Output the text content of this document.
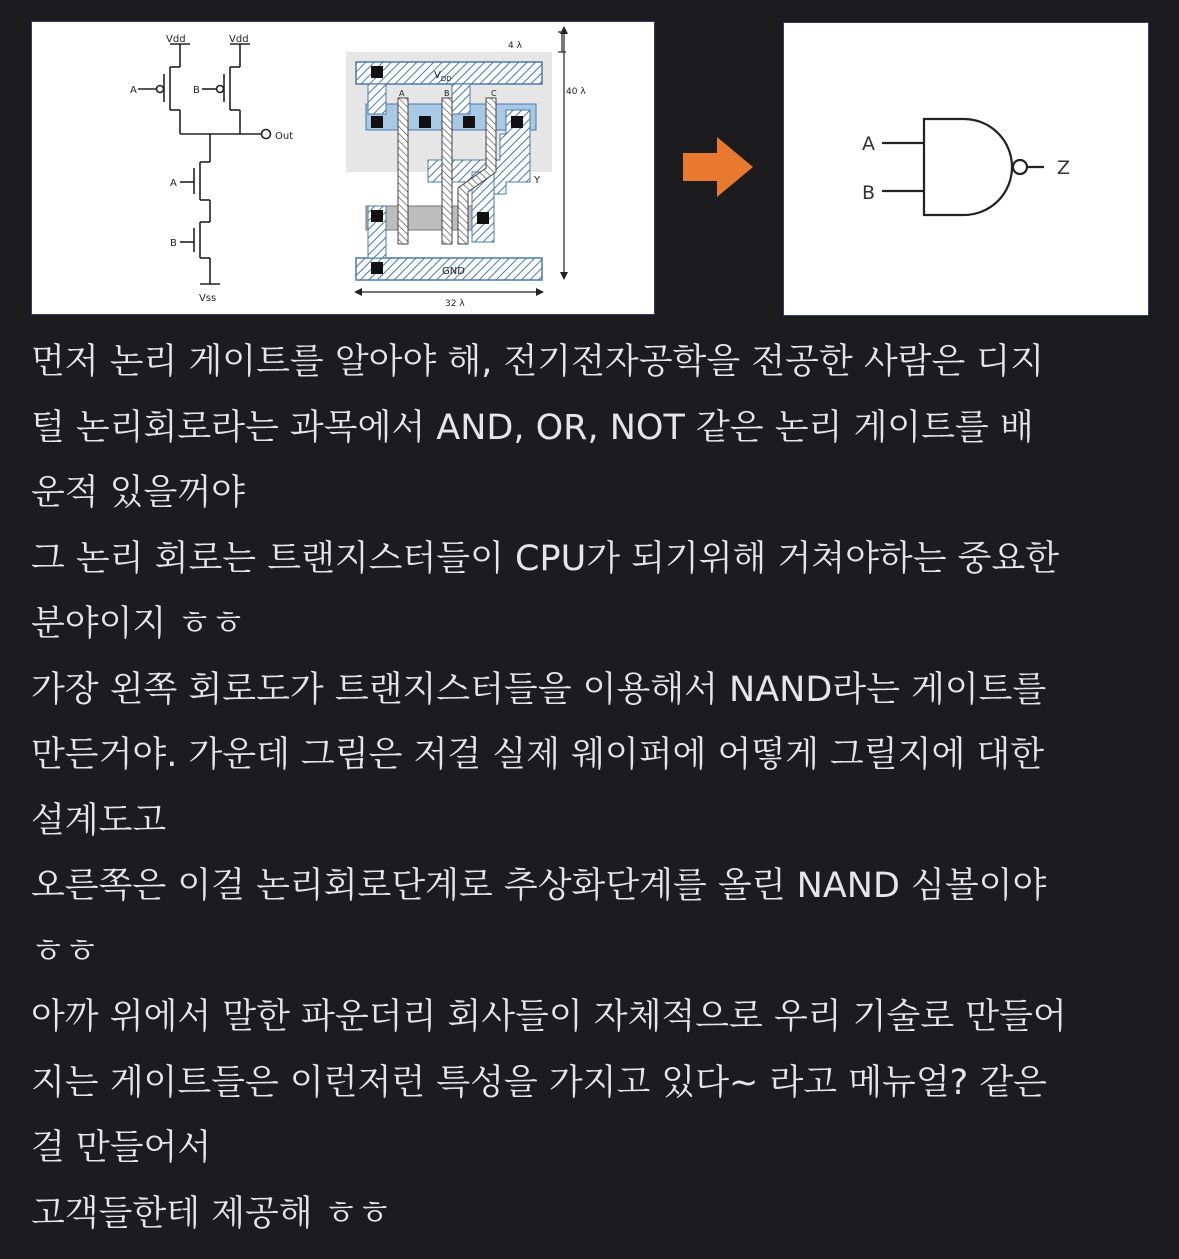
Vdd	Vdd
A	B
Out
A
B
Vss
$V_{DD}$
GND
A	B	C
Y
4 λ
40 λ
32 λ
A
B
Z
먼저 논리 게이트를 알아야 해, 전기전자공학을 전공한 사람은 디지
털 논리회로라는 과목에서 AND, OR, NOT 같은 논리 게이트를 배
운적 있을꺼야
그 논리 회로는 트랜지스터들이 CPU가 되기위해 거쳐야하는 중요한
분야이지 ㅎㅎ
가장 왼쪽 회로도가 트랜지스터들을 이용해서 NAND라는 게이트를
만든거야. 가운데 그림은 저걸 실제 웨이퍼에 어떻게 그릴지에 대한
설계도고
오른쪽은 이걸 논리회로단계로 추상화단계를 올린 NAND 심볼이야
ㅎㅎ
아까 위에서 말한 파운더리 회사들이 자체적으로 우리 기술로 만들어
지는 게이트들은 이런저런 특성을 가지고 있다~ 라고 메뉴얼? 같은
걸 만들어서
고객들한테 제공해 ㅎㅎ
